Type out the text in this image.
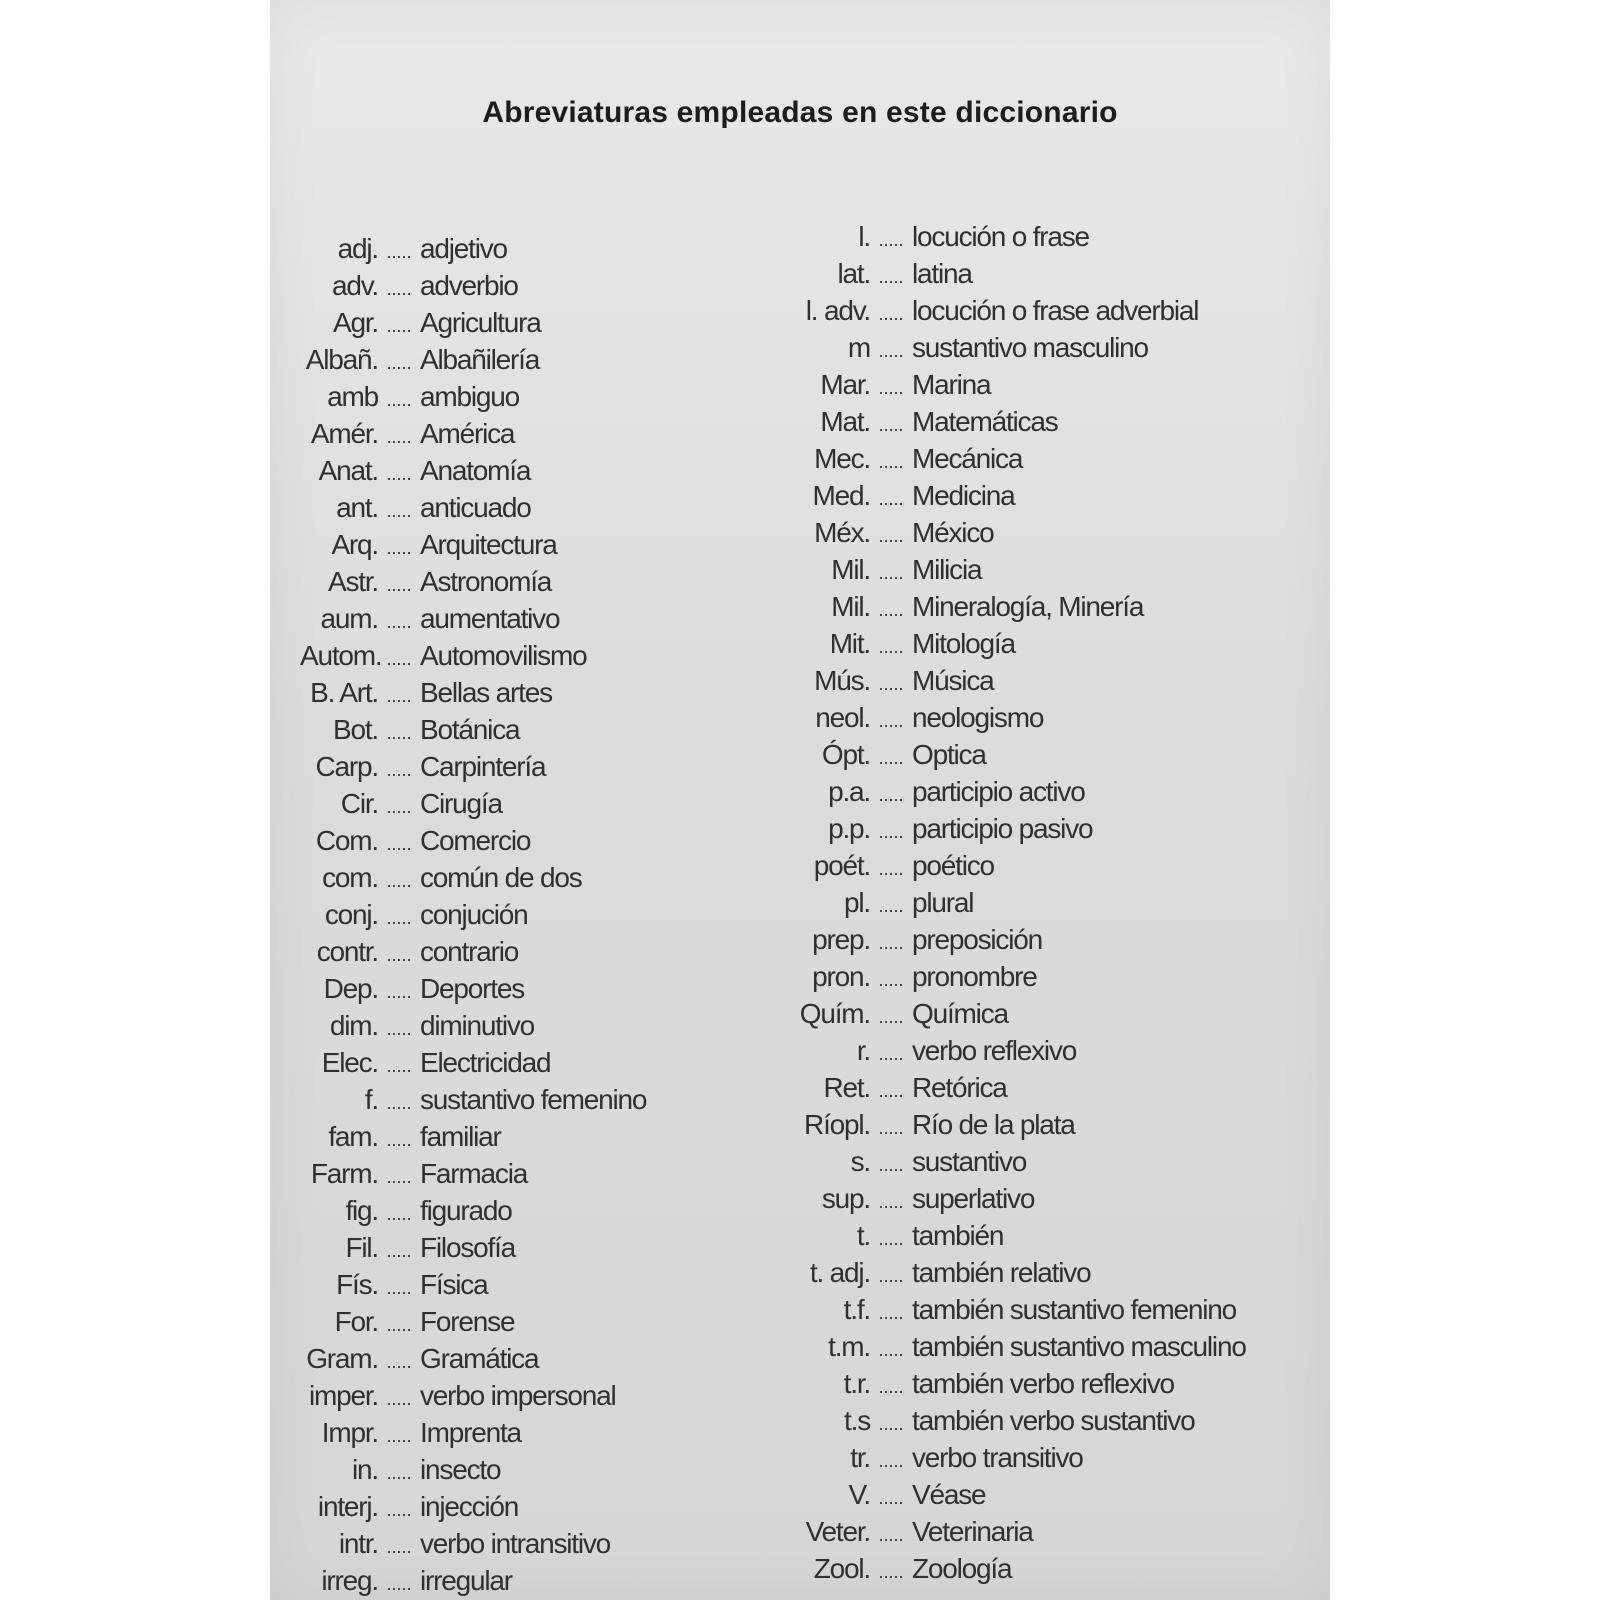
Abreviaturas empleadas en este diccionario
adj. ..... adjetivo
adv. ..... adverbio
Agr. ..... Agricultura
Albañ. ..... Albañilería
amb ..... ambiguo
Amér. ..... América
Anat. ..... Anatomía
ant. ..... anticuado
Arq. ..... Arquitectura
Astr. ..... Astronomía
aum. ..... aumentativo
Autom. ..... Automovilismo
B. Art. ..... Bellas artes
Bot. ..... Botánica
Carp. ..... Carpintería
Cir. ..... Cirugía
Com. ..... Comercio
com. ..... común de dos
conj. ..... conjución
contr. ..... contrario
Dep. ..... Deportes
dim. ..... diminutivo
Elec. ..... Electricidad
f. ..... sustantivo femenino
fam. ..... familiar
Farm. ..... Farmacia
fig. ..... figurado
Fil. ..... Filosofía
Fís. ..... Física
For. ..... Forense
Gram. ..... Gramática
imper. ..... verbo impersonal
Impr. ..... Imprenta
in. ..... insecto
interj. ..... injección
intr. ..... verbo intransitivo
irreg. ..... irregular
l. ..... locución o frase
lat. ..... latina
l. adv. ..... locución o frase adverbial
m ..... sustantivo masculino
Mar. ..... Marina
Mat. ..... Matemáticas
Mec. ..... Mecánica
Med. ..... Medicina
Méx. ..... México
Mil. ..... Milicia
Mil. ..... Mineralogía, Minería
Mit. ..... Mitología
Mús. ..... Música
neol. ..... neologismo
Ópt. ..... Optica
p.a. ..... participio activo
p.p. ..... participio pasivo
poét. ..... poético
pl. ..... plural
prep. ..... preposición
pron. ..... pronombre
Quím. ..... Química
r. ..... verbo reflexivo
Ret. ..... Retórica
Ríopl. ..... Río de la plata
s. ..... sustantivo
sup. ..... superlativo
t. ..... también
t. adj. ..... también relativo
t.f. ..... también sustantivo femenino
t.m. ..... también sustantivo masculino
t.r. ..... también verbo reflexivo
t.s ..... también verbo sustantivo
tr. ..... verbo transitivo
V. ..... Véase
Veter. ..... Veterinaria
Zool. ..... Zoología
